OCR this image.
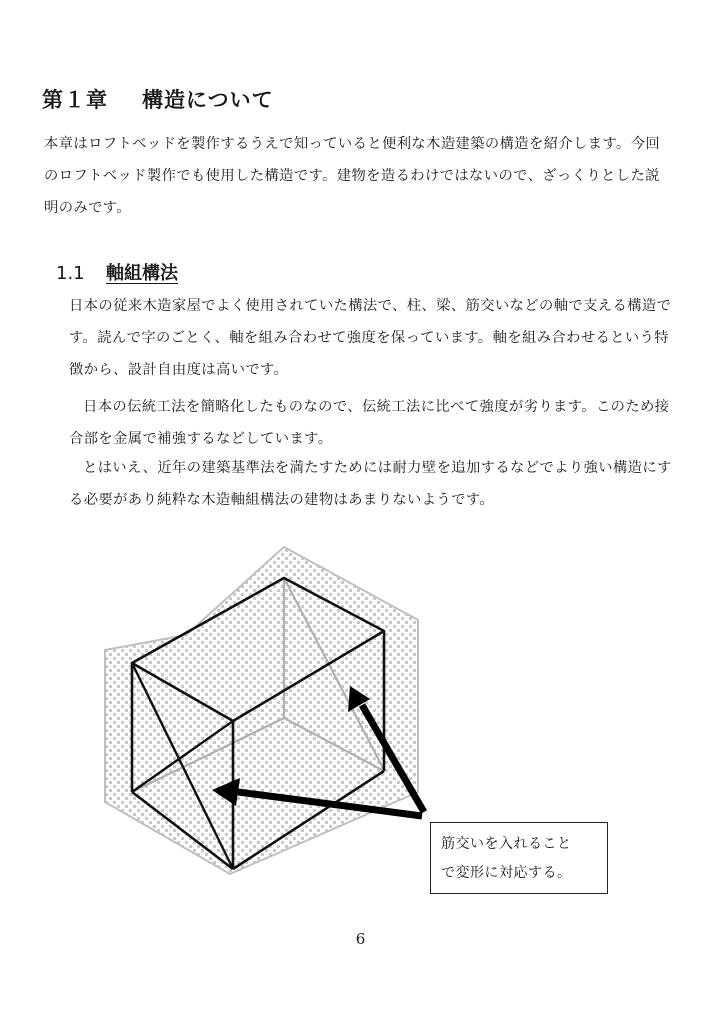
第１章 構造について

本章はロフトベッドを製作するうえで知っていると便利な木造建築の構造を紹介します。今回のロフトベッド製作でも使用した構造です。建物を造るわけではないので、ざっくりとした説明のみです。

1.1 軸組構法

日本の従来木造家屋でよく使用されていた構法で、柱、梁、筋交いなどの軸で支える構造です。読んで字のごとく、軸を組み合わせて強度を保っています。軸を組み合わせるという特徴から、設計自由度は高いです。

日本の伝統工法を簡略化したものなので、伝統工法に比べて強度が劣ります。このため接合部を金属で補強するなどしています。

とはいえ、近年の建築基準法を満たすためには耐力壁を追加するなどでより強い構造にする必要があり純粋な木造軸組構法の建物はあまりないようです。

筋交いを入れること
で変形に対応する。
6
